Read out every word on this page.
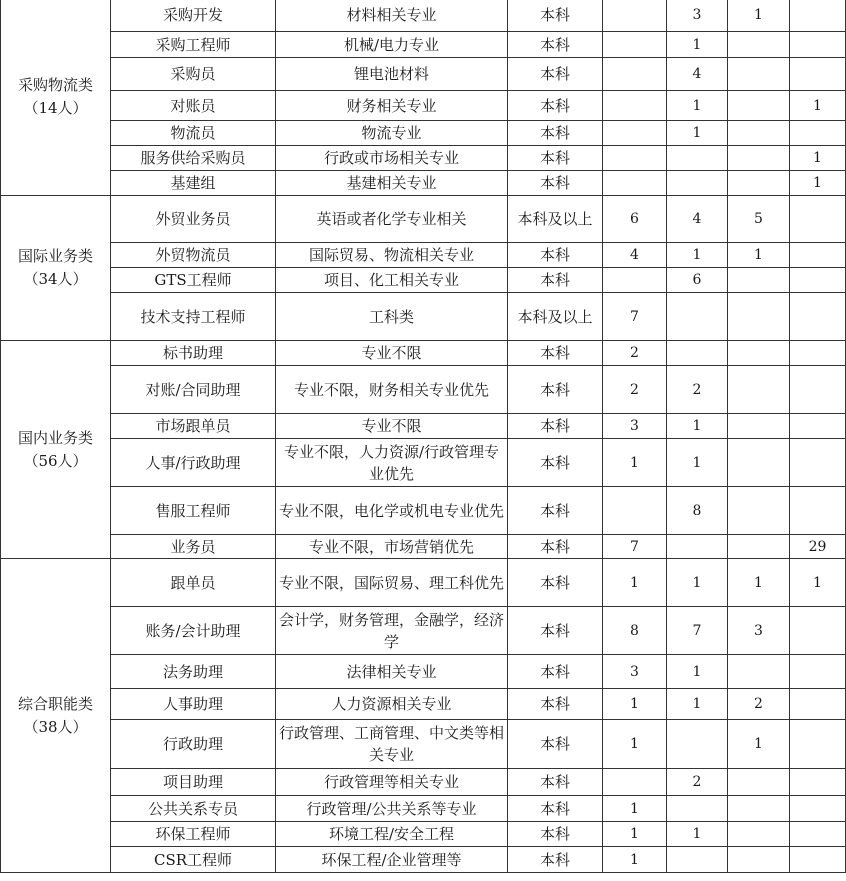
采购物流类（14人）	采购开发	材料相关专业	本科		3	1	
	采购工程师	机械/电力专业	本科		1		
	采购员	锂电池材料	本科		4		
	对账员	财务相关专业	本科		1		1
	物流员	物流专业	本科		1		
	服务供给采购员	行政或市场相关专业	本科				1
	基建组	基建相关专业	本科				1
国际业务类（34人）	外贸业务员	英语或者化学专业相关	本科及以上	6	4	5	
	外贸物流员	国际贸易、物流相关专业	本科	4	1	1	
	GTS工程师	项目、化工相关专业	本科		6		
	技术支持工程师	工科类	本科及以上	7			
国内业务类（56人）	标书助理	专业不限	本科	2			
	对账/合同助理	专业不限，财务相关专业优先	本科	2	2		
	市场跟单员	专业不限	本科	3	1		
	人事/行政助理	专业不限，人力资源/行政管理专业优先	本科	1	1		
	售服工程师	专业不限，电化学或机电专业优先	本科		8		
	业务员	专业不限，市场营销优先	本科	7			29
综合职能类（38人）	跟单员	专业不限，国际贸易、理工科优先	本科	1	1	1	1
	账务/会计助理	会计学，财务管理，金融学，经济学	本科	8	7	3	
	法务助理	法律相关专业	本科	3	1		
	人事助理	人力资源相关专业	本科	1	1	2	
	行政助理	行政管理、工商管理、中文类等相关专业	本科	1		1	
	项目助理	行政管理等相关专业	本科		2		
	公共关系专员	行政管理/公共关系等专业	本科	1			
	环保工程师	环境工程/安全工程	本科	1	1		
	CSR工程师	环保工程/企业管理等	本科	1			
